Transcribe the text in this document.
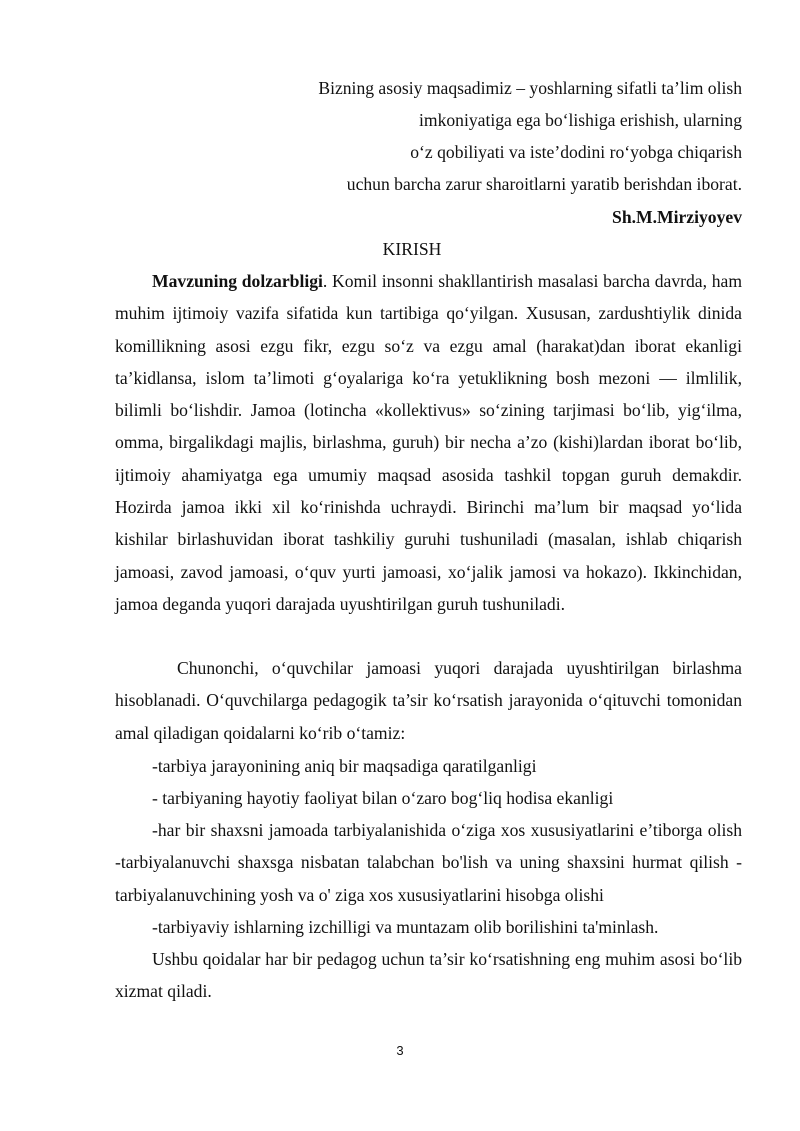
Bizning asosiy maqsadimiz – yoshlarning sifatli ta’lim olish
imkoniyatiga ega bo‘lishiga erishish, ularning
o‘z qobiliyati va iste’dodini ro‘yobga chiqarish
uchun barcha zarur sharoitlarni yaratib berishdan iborat.
Sh.M.Mirziyoyev
KIRISH

Mavzuning dolzarbligi. Komil insonni shakllantirish masalasi barcha davrda, ham muhim ijtimoiy vazifa sifatida kun tartibiga qo‘yilgan. Xususan, zardushtiylik dinida komillikning asosi ezgu fikr, ezgu so‘z va ezgu amal (harakat)dan iborat ekanligi ta’kidlansa, islom ta’limoti g‘oyalariga ko‘ra yetuklikning bosh mezoni — ilmlilik, bilimli bo‘lishdir. Jamoa (lotincha «kollektivus» so‘zining tarjimasi bo‘lib, yig‘ilma, omma, birgalikdagi majlis, birlashma, guruh) bir necha a’zo (kishi)lardan iborat bo‘lib, ijtimoiy ahamiyatga ega umumiy maqsad asosida tashkil topgan guruh demakdir. Hozirda jamoa ikki xil ko‘rinishda uchraydi. Birinchi ma’lum bir maqsad yo‘lida kishilar birlashuvidan iborat tashkiliy guruhi tushuniladi (masalan, ishlab chiqarish jamoasi, zavod jamoasi, o‘quv yurti jamoasi, xo‘jalik jamosi va hokazo). Ikkinchidan, jamoa deganda yuqori darajada uyushtirilgan guruh tushuniladi.

Chunonchi, o‘quvchilar jamoasi yuqori darajada uyushtirilgan birlashma hisoblanadi. O‘quvchilarga pedagogik ta’sir ko‘rsatish jarayonida o‘qituvchi tomonidan amal qiladigan qoidalarni ko‘rib o‘tamiz:

-tarbiya jarayonining aniq bir maqsadiga qaratilganligi

- tarbiyaning hayotiy faoliyat bilan o‘zaro bog‘liq hodisa ekanligi

-har bir shaxsni jamoada tarbiyalanishida o‘ziga xos xususiyatlarini e’tiborga olish -tarbiyalanuvchi shaxsga nisbatan talabchan bo'lish va uning shaxsini hurmat qilish - tarbiyalanuvchining yosh va o' ziga xos xususiyatlarini hisobga olishi

-tarbiyaviy ishlarning izchilligi va muntazam olib borilishini ta'minlash.

Ushbu qoidalar har bir pedagog uchun ta’sir ko‘rsatishning eng muhim asosi bo‘lib xizmat qiladi.

3
